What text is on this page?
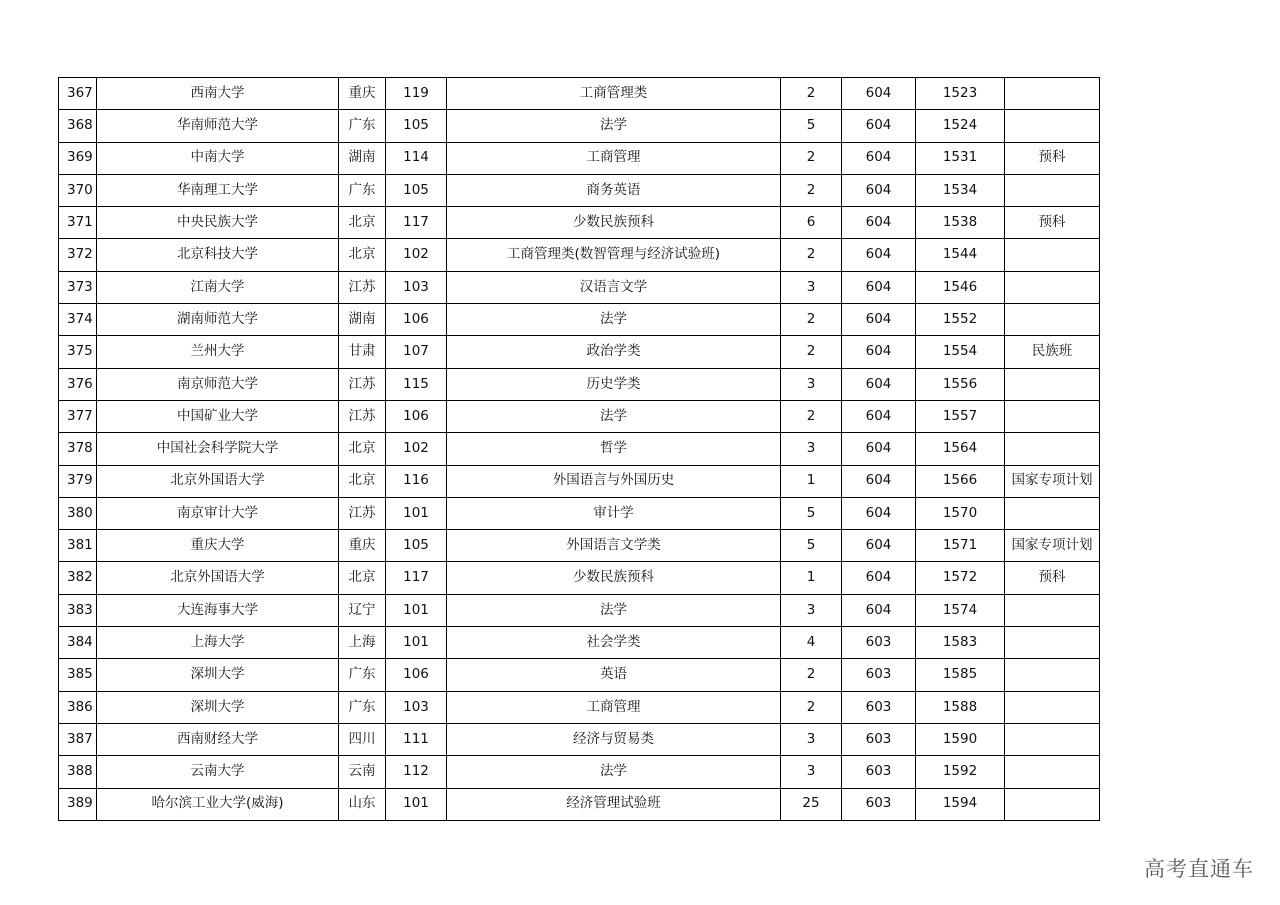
367	西南大学	重庆	119	工商管理类	2	604	1523	
368	华南师范大学	广东	105	法学	5	604	1524	
369	中南大学	湖南	114	工商管理	2	604	1531	预科
370	华南理工大学	广东	105	商务英语	2	604	1534	
371	中央民族大学	北京	117	少数民族预科	6	604	1538	预科
372	北京科技大学	北京	102	工商管理类(数智管理与经济试验班)	2	604	1544	
373	江南大学	江苏	103	汉语言文学	3	604	1546	
374	湖南师范大学	湖南	106	法学	2	604	1552	
375	兰州大学	甘肃	107	政治学类	2	604	1554	民族班
376	南京师范大学	江苏	115	历史学类	3	604	1556	
377	中国矿业大学	江苏	106	法学	2	604	1557	
378	中国社会科学院大学	北京	102	哲学	3	604	1564	
379	北京外国语大学	北京	116	外国语言与外国历史	1	604	1566	国家专项计划
380	南京审计大学	江苏	101	审计学	5	604	1570	
381	重庆大学	重庆	105	外国语言文学类	5	604	1571	国家专项计划
382	北京外国语大学	北京	117	少数民族预科	1	604	1572	预科
383	大连海事大学	辽宁	101	法学	3	604	1574	
384	上海大学	上海	101	社会学类	4	603	1583	
385	深圳大学	广东	106	英语	2	603	1585	
386	深圳大学	广东	103	工商管理	2	603	1588	
387	西南财经大学	四川	111	经济与贸易类	3	603	1590	
388	云南大学	云南	112	法学	3	603	1592	
389	哈尔滨工业大学(威海)	山东	101	经济管理试验班	25	603	1594	
高考直通车
